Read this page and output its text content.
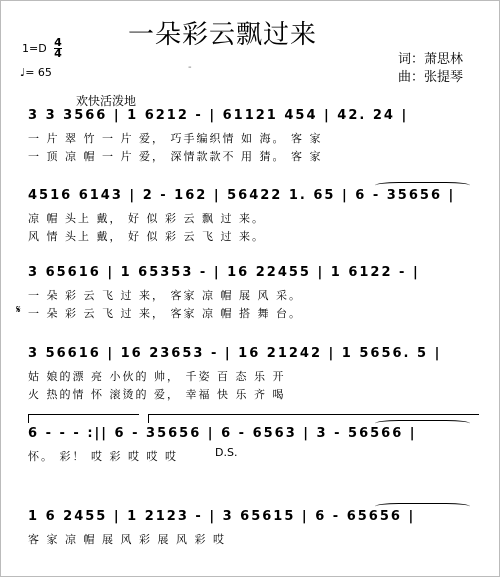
一朵彩云飘过来
-
$1=D \frac{4}{4}$
♩= 65
词：萧思林
曲：张提琴
欢快活泼地
3 3 3566 | 1 6212 - | 61121 454 | 42. 24 |
一 片 翠 竹 一 片 爱， 巧手编织情 如 海。 客 家
一 顶 凉 帽 一 片 爱， 深情款款不 用 猜。 客 家
4516 6143 | 2 - 162 | 56422 1. 65 | 6 - 35656 |
凉 帽 头上 戴， 好 似 彩 云 飘 过 来。
风 情 头上 戴， 好 似 彩 云 飞 过 来。
3 65616 | 1 65353 - | 16 22455 | 1 6122 - |
𝄋
一 朵 彩 云 飞 过 来， 客家 凉 帽 展 风 采。
一 朵 彩 云 飞 过 来， 客家 凉 帽 搭 舞 台。
3 56616 | 16 23653 - | 16 21242 | 1 5656. 5 |
姑 娘的漂 亮 小伙的 帅， 千姿 百 态 乐 开
火 热的情 怀 滚烫的 爱， 幸福 快 乐 齐 喝
6 - - - :|| 6 - 35656 | 6 - 6563 | 3 - 56566 |
怀。 彩！ 哎 彩 哎 哎 哎	D.S.
1 6 2455 | 1 2123 - | 3 65615 | 6 - 65656 |
客 家 凉 帽 展 风 彩 展 风 彩 哎
